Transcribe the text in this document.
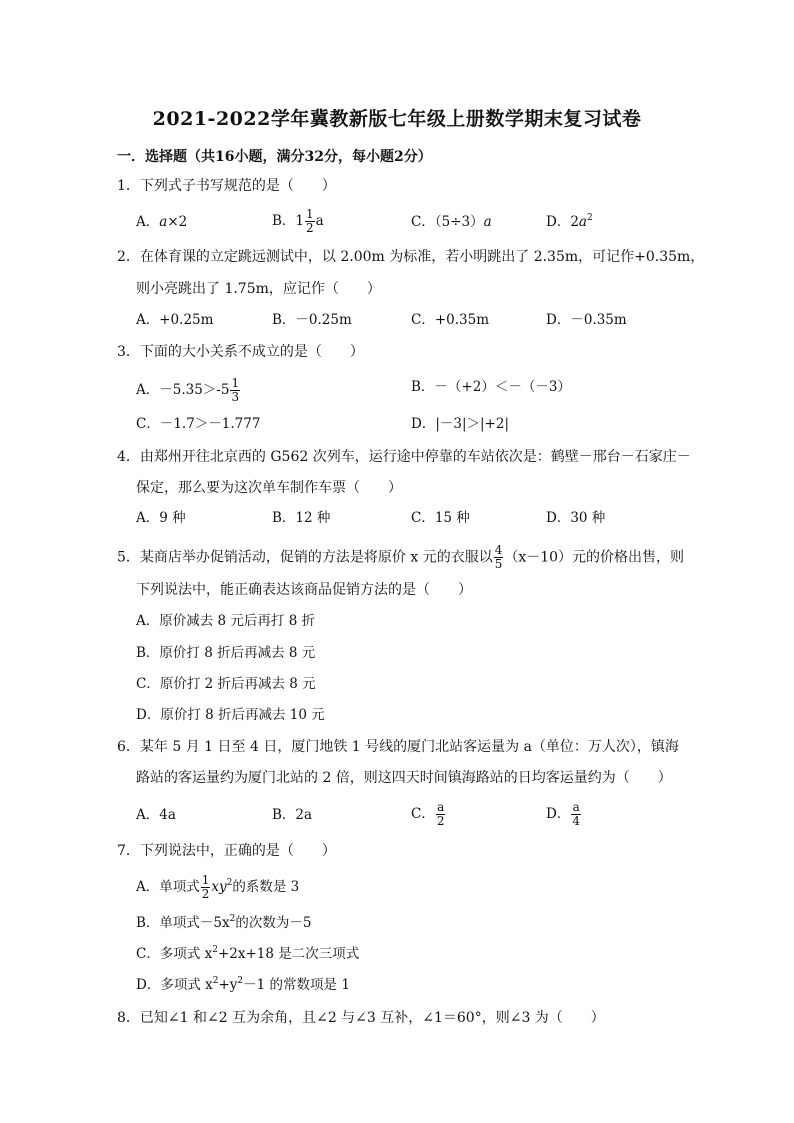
2021-2022学年冀教新版七年级上册数学期末复习试卷
一．选择题（共16小题，满分32分，每小题2分）
1．下列式子书写规范的是（　　）
A．a×2	B．$1 \frac{1}{2}$ a	C．（5÷3）a	D．$2a^2$
2．在体育课的立定跳远测试中，以 2.00m 为标准，若小明跳出了 2.35m，可记作+0.35m，
则小亮跳出了 1.75m，应记作（　　）
A．+0.25m	B．－0.25m	C．+0.35m	D．－0.35m
3．下面的大小关系不成立的是（　　）
A．$-5.35>-5 \frac{1}{3}$	B．－（+2）＜－（－3）
C．－1.7＞－1.777	D．|－3|＞|+2|
4．由郑州开往北京西的 G562 次列车，运行途中停靠的车站依次是：鹤壁－邢台－石家庄－
保定，那么要为这次单车制作车票（　　）
A．9 种	B．12 种	C．15 种	D．30 种
5．某商店举办促销活动，促销的方法是将原价 x 元的衣服以 $\frac{4}{5} (x-10)$元的价格出售，则
下列说法中，能正确表达该商品促销方法的是（　　）
A．原价减去 8 元后再打 8 折
B．原价打 8 折后再减去 8 元
C．原价打 2 折后再减去 8 元
D．原价打 8 折后再减去 10 元
6．某年 5 月 1 日至 4 日，厦门地铁 1 号线的厦门北站客运量为 a（单位：万人次），镇海
路站的客运量约为厦门北站的 2 倍，则这四天时间镇海路站的日均客运量约为（　　）
A．4a	B．2a	C． $\frac{a}{2}$	D． $\frac{a}{4}$
7．下列说法中，正确的是（　　）
A．单项式 $\frac{1}{2} xy^2$的系数是 3
B．单项式$-5x^2$的次数为－5
C．多项式 $x^2+2x+18$ 是二次三项式
D．多项式 $x^2+y^2-1$ 的常数项是 1
8．已知∠1 和∠2 互为余角，且∠2 与∠3 互补，∠1＝60°，则∠3 为（　　）
